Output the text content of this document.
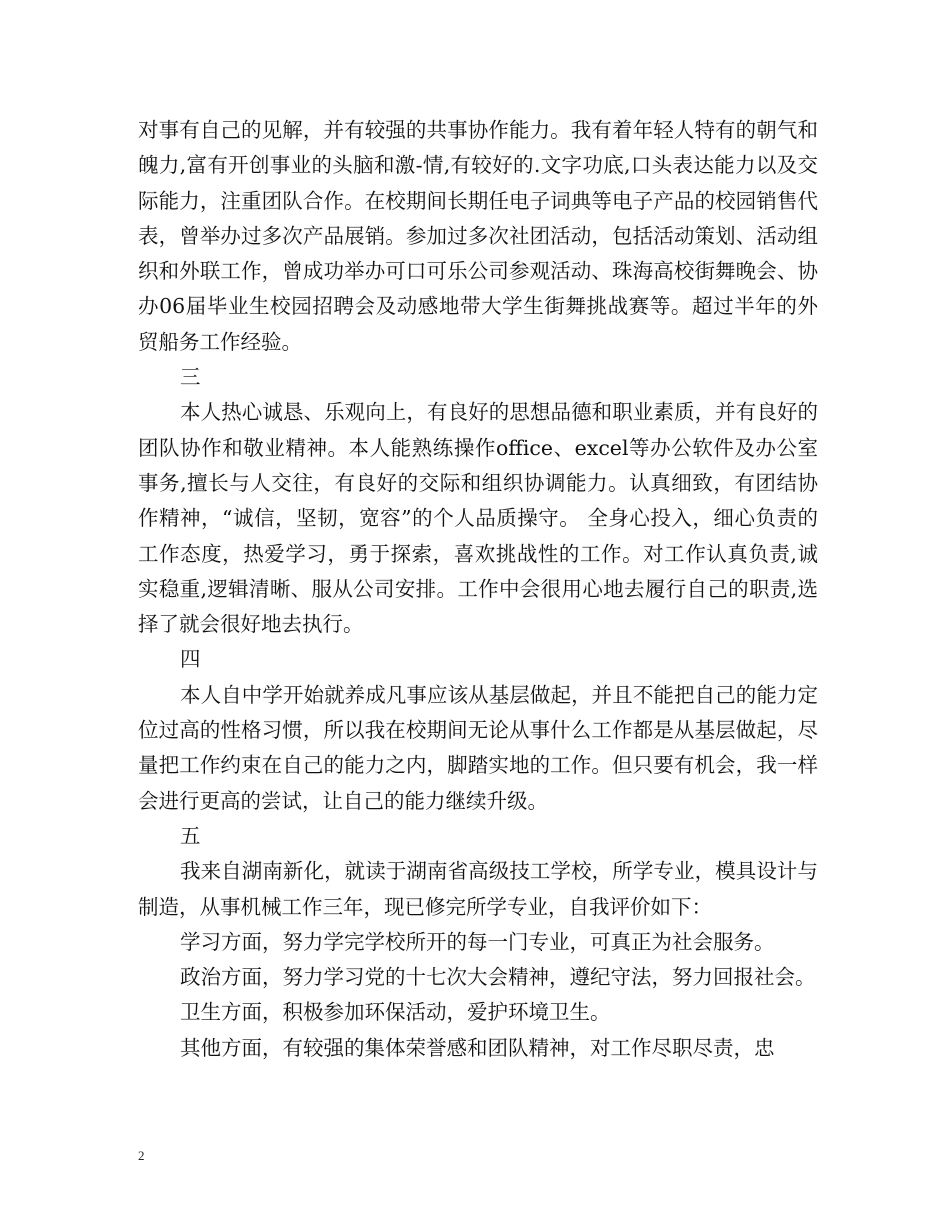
对事有自己的见解，并有较强的共事协作能力。我有着年轻人特有的朝气和魄力,富有开创事业的头脑和激-情,有较好的.文字功底,口头表达能力以及交际能力，注重团队合作。在校期间长期任电子词典等电子产品的校园销售代表，曾举办过多次产品展销。参加过多次社团活动，包括活动策划、活动组织和外联工作，曾成功举办可口可乐公司参观活动、珠海高校街舞晚会、协办06届毕业生校园招聘会及动感地带大学生街舞挑战赛等。超过半年的外贸船务工作经验。

三

本人热心诚恳、乐观向上，有良好的思想品德和职业素质，并有良好的团队协作和敬业精神。本人能熟练操作office、excel等办公软件及办公室事务,擅长与人交往，有良好的交际和组织协调能力。认真细致，有团结协作精神，“诚信，坚韧，宽容”的个人品质操守。 全身心投入，细心负责的工作态度，热爱学习，勇于探索，喜欢挑战性的工作。对工作认真负责,诚实稳重,逻辑清晰、服从公司安排。工作中会很用心地去履行自己的职责,选择了就会很好地去执行。

四

本人自中学开始就养成凡事应该从基层做起，并且不能把自己的能力定位过高的性格习惯，所以我在校期间无论从事什么工作都是从基层做起，尽量把工作约束在自己的能力之内，脚踏实地的工作。但只要有机会，我一样会进行更高的尝试，让自己的能力继续升级。

五

我来自湖南新化，就读于湖南省高级技工学校，所学专业，模具设计与制造，从事机械工作三年，现已修完所学专业，自我评价如下：

学习方面，努力学完学校所开的每一门专业，可真正为社会服务。

政治方面，努力学习党的十七次大会精神，遵纪守法，努力回报社会。

卫生方面，积极参加环保活动，爱护环境卫生。

其他方面，有较强的集体荣誉感和团队精神，对工作尽职尽责，忠

2
